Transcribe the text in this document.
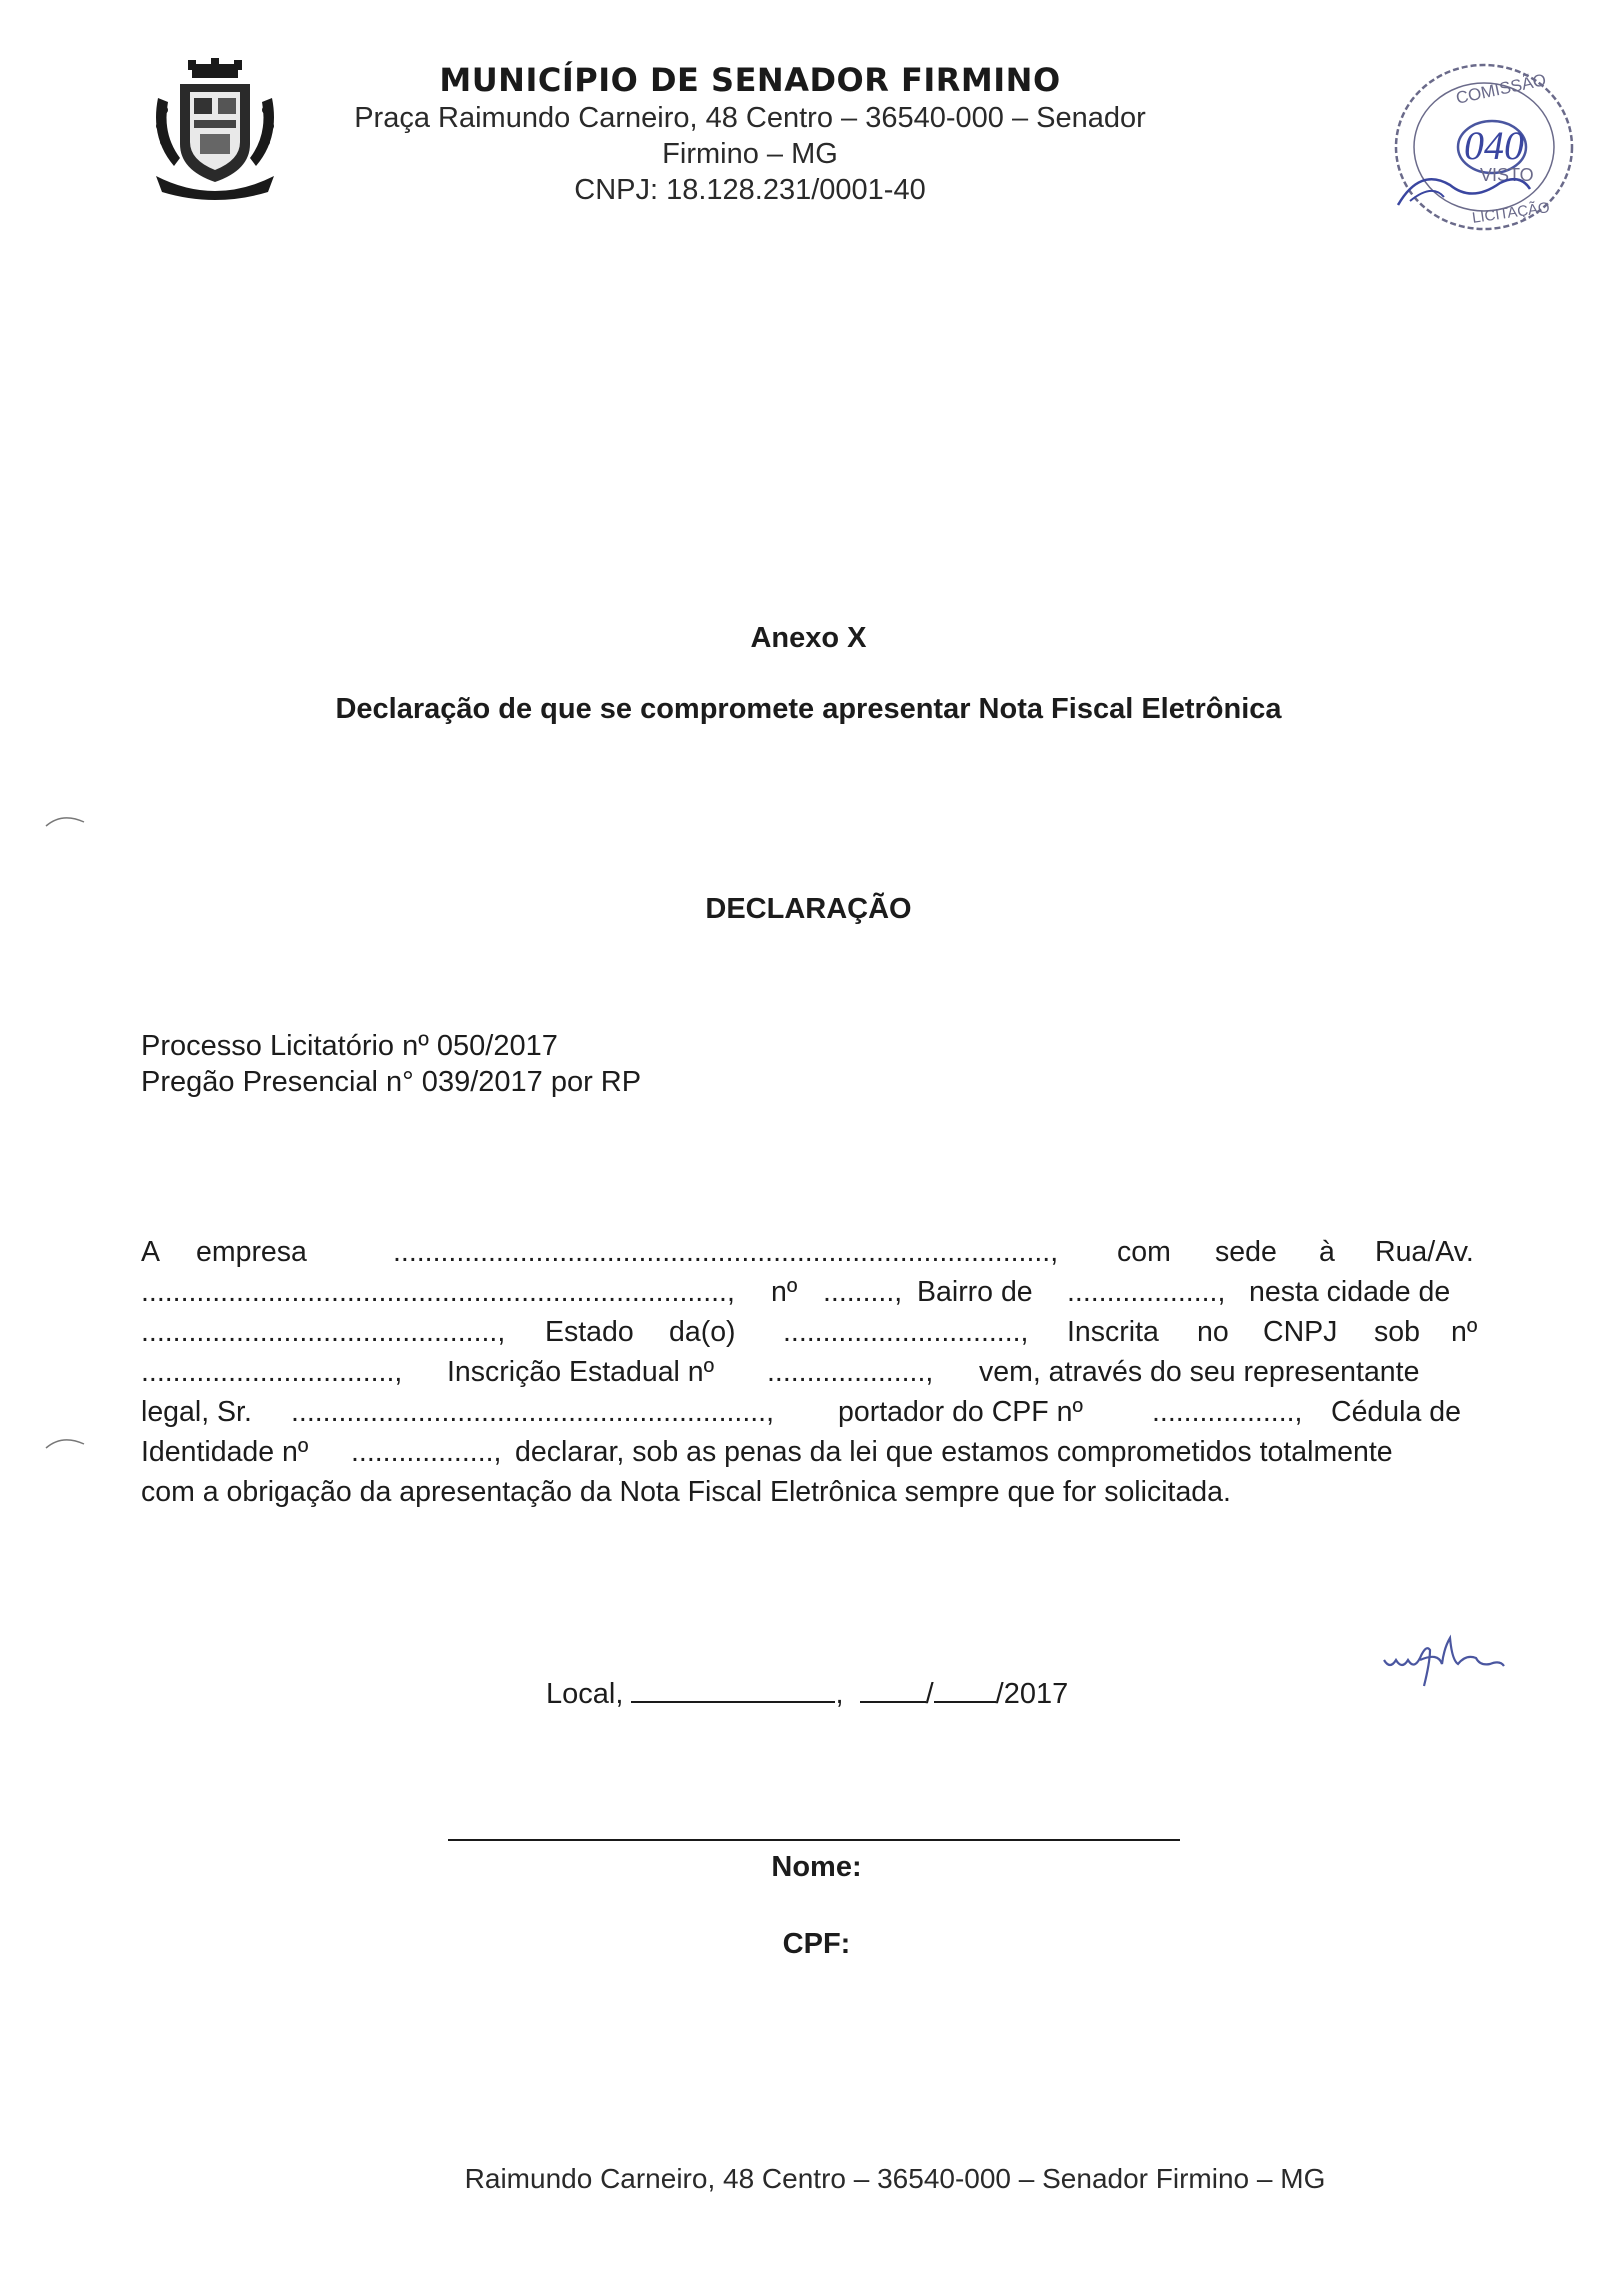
MUNICÍPIO DE SENADOR FIRMINO
Praça Raimundo Carneiro, 48 Centro – 36540-000 – Senador Firmino – MG
CNPJ: 18.128.231/0001-40
COMISSÃO
040
VISTO
LICITAÇÃO
Anexo X
Declaração de que se compromete apresentar Nota Fiscal Eletrônica
DECLARAÇÃO
Processo Licitatório nº 050/2017
Pregão Presencial n° 039/2017 por RP
A empresa	..................................................................................., com sede à Rua/Av.
.........................................................................., nº ........., Bairro de ..................., nesta cidade de
............................................., Estado da(o) .............................., Inscrita no CNPJ sob nº
................................, Inscrição Estadual nº ...................., vem, através do seu representante
legal, Sr. ............................................................, portador do CPF nº .................., Cédula de
Identidade nº .................., declarar, sob as penas da lei que estamos comprometidos totalmente
com a obrigação da apresentação da Nota Fiscal Eletrônica sempre que for solicitada.
Local,	,	/ /2017
Nome:
CPF:
Raimundo Carneiro, 48 Centro – 36540-000 – Senador Firmino – MG
